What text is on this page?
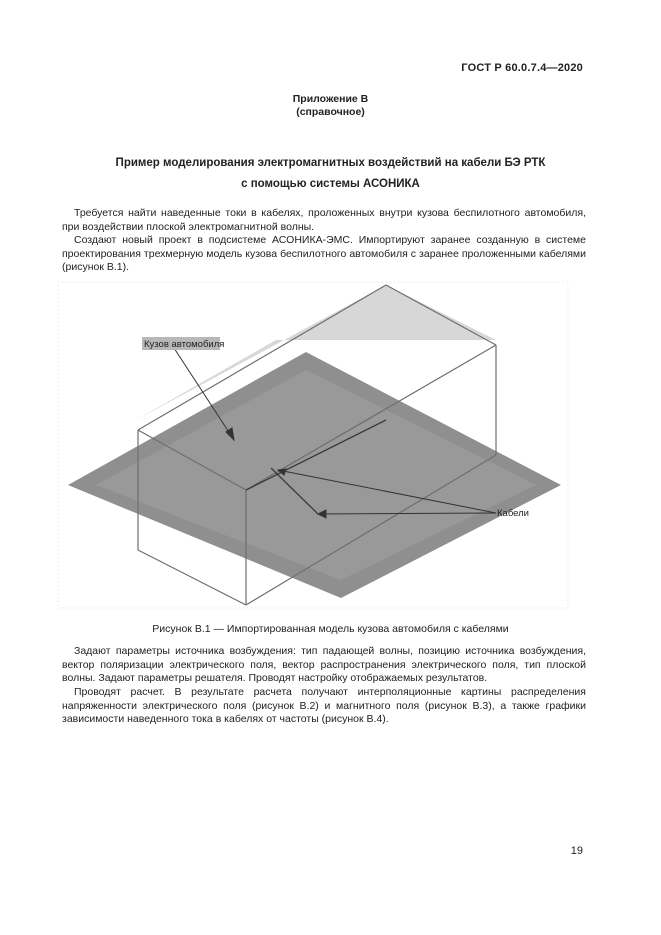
ГОСТ Р 60.0.7.4—2020
Приложение В
(справочное)
Пример моделирования электромагнитных воздействий на кабели БЭ РТК
с помощью системы АСОНИКА
Требуется найти наведенные токи в кабелях, проложенных внутри кузова беспилотного автомобиля, при воздействии плоской электромагнитной волны.
Создают новый проект в подсистеме АСОНИКА-ЭМС. Импортируют заранее созданную в системе проектирования трехмерную модель кузова беспилотного автомобиля с заранее проложенными кабелями (рисунок В.1).
Кузов автомобиля
Кабели
Рисунок В.1 — Импортированная модель кузова автомобиля с кабелями
Задают параметры источника возбуждения: тип падающей волны, позицию источника возбуждения, вектор поляризации электрического поля, вектор распространения электрического поля, тип плоской волны. Задают параметры решателя. Проводят настройку отображаемых результатов.
Проводят расчет. В результате расчета получают интерполяционные картины распределения напряженности электрического поля (рисунок В.2) и магнитного поля (рисунок В.3), а также графики зависимости наведенного тока в кабелях от частоты (рисунок В.4).
19
